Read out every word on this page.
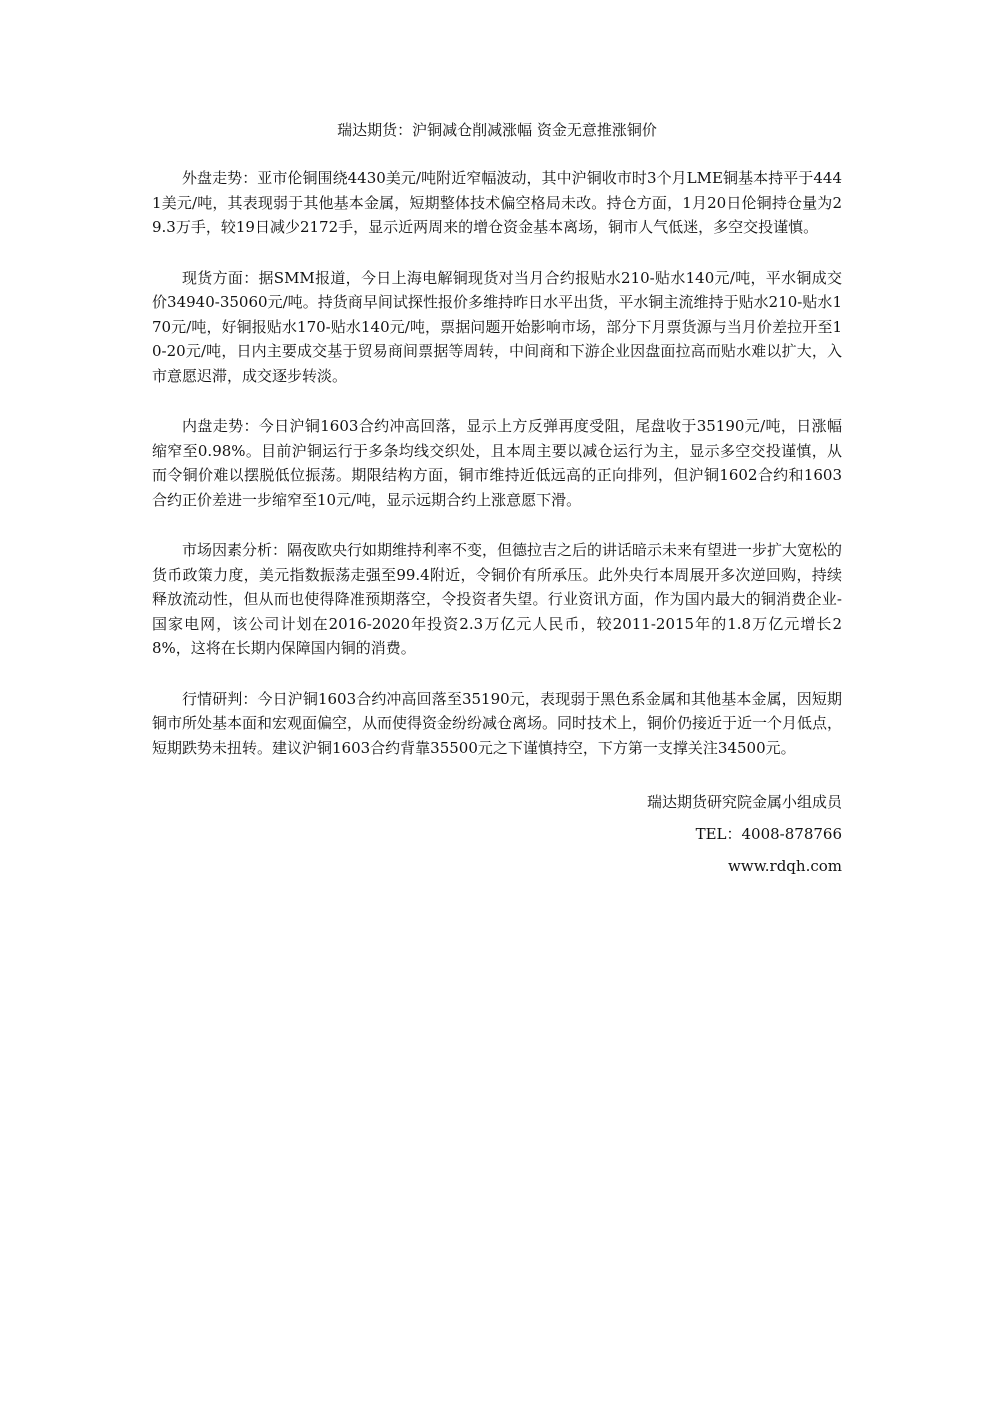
瑞达期货：沪铜减仓削减涨幅 资金无意推涨铜价

外盘走势：亚市伦铜围绕4430美元/吨附近窄幅波动，其中沪铜收市时3个月LME铜基本持平于4441美元/吨，其表现弱于其他基本金属，短期整体技术偏空格局未改。持仓方面，1月20日伦铜持仓量为29.3万手，较19日减少2172手，显示近两周来的增仓资金基本离场，铜市人气低迷，多空交投谨慎。

现货方面：据SMM报道，今日上海电解铜现货对当月合约报贴水210-贴水140元/吨，平水铜成交价34940-35060元/吨。持货商早间试探性报价多维持昨日水平出货，平水铜主流维持于贴水210-贴水170元/吨，好铜报贴水170-贴水140元/吨，票据问题开始影响市场，部分下月票货源与当月价差拉开至10-20元/吨，日内主要成交基于贸易商间票据等周转，中间商和下游企业因盘面拉高而贴水难以扩大，入市意愿迟滞，成交逐步转淡。

内盘走势：今日沪铜1603合约冲高回落，显示上方反弹再度受阻，尾盘收于35190元/吨，日涨幅缩窄至0.98%。目前沪铜运行于多条均线交织处，且本周主要以减仓运行为主，显示多空交投谨慎，从而令铜价难以摆脱低位振荡。期限结构方面，铜市维持近低远高的正向排列，但沪铜1602合约和1603合约正价差进一步缩窄至10元/吨，显示远期合约上涨意愿下滑。

市场因素分析：隔夜欧央行如期维持利率不变，但德拉吉之后的讲话暗示未来有望进一步扩大宽松的货币政策力度，美元指数振荡走强至99.4附近，令铜价有所承压。此外央行本周展开多次逆回购，持续释放流动性，但从而也使得降准预期落空，令投资者失望。行业资讯方面，作为国内最大的铜消费企业-国家电网，该公司计划在2016-2020年投资2.3万亿元人民币，较2011-2015年的1.8万亿元增长28%，这将在长期内保障国内铜的消费。

行情研判：今日沪铜1603合约冲高回落至35190元，表现弱于黑色系金属和其他基本金属，因短期铜市所处基本面和宏观面偏空，从而使得资金纷纷减仓离场。同时技术上，铜价仍接近于近一个月低点，短期跌势未扭转。建议沪铜1603合约背靠35500元之下谨慎持空，下方第一支撑关注34500元。

瑞达期货研究院金属小组成员
TEL：4008-878766
www.rdqh.com
